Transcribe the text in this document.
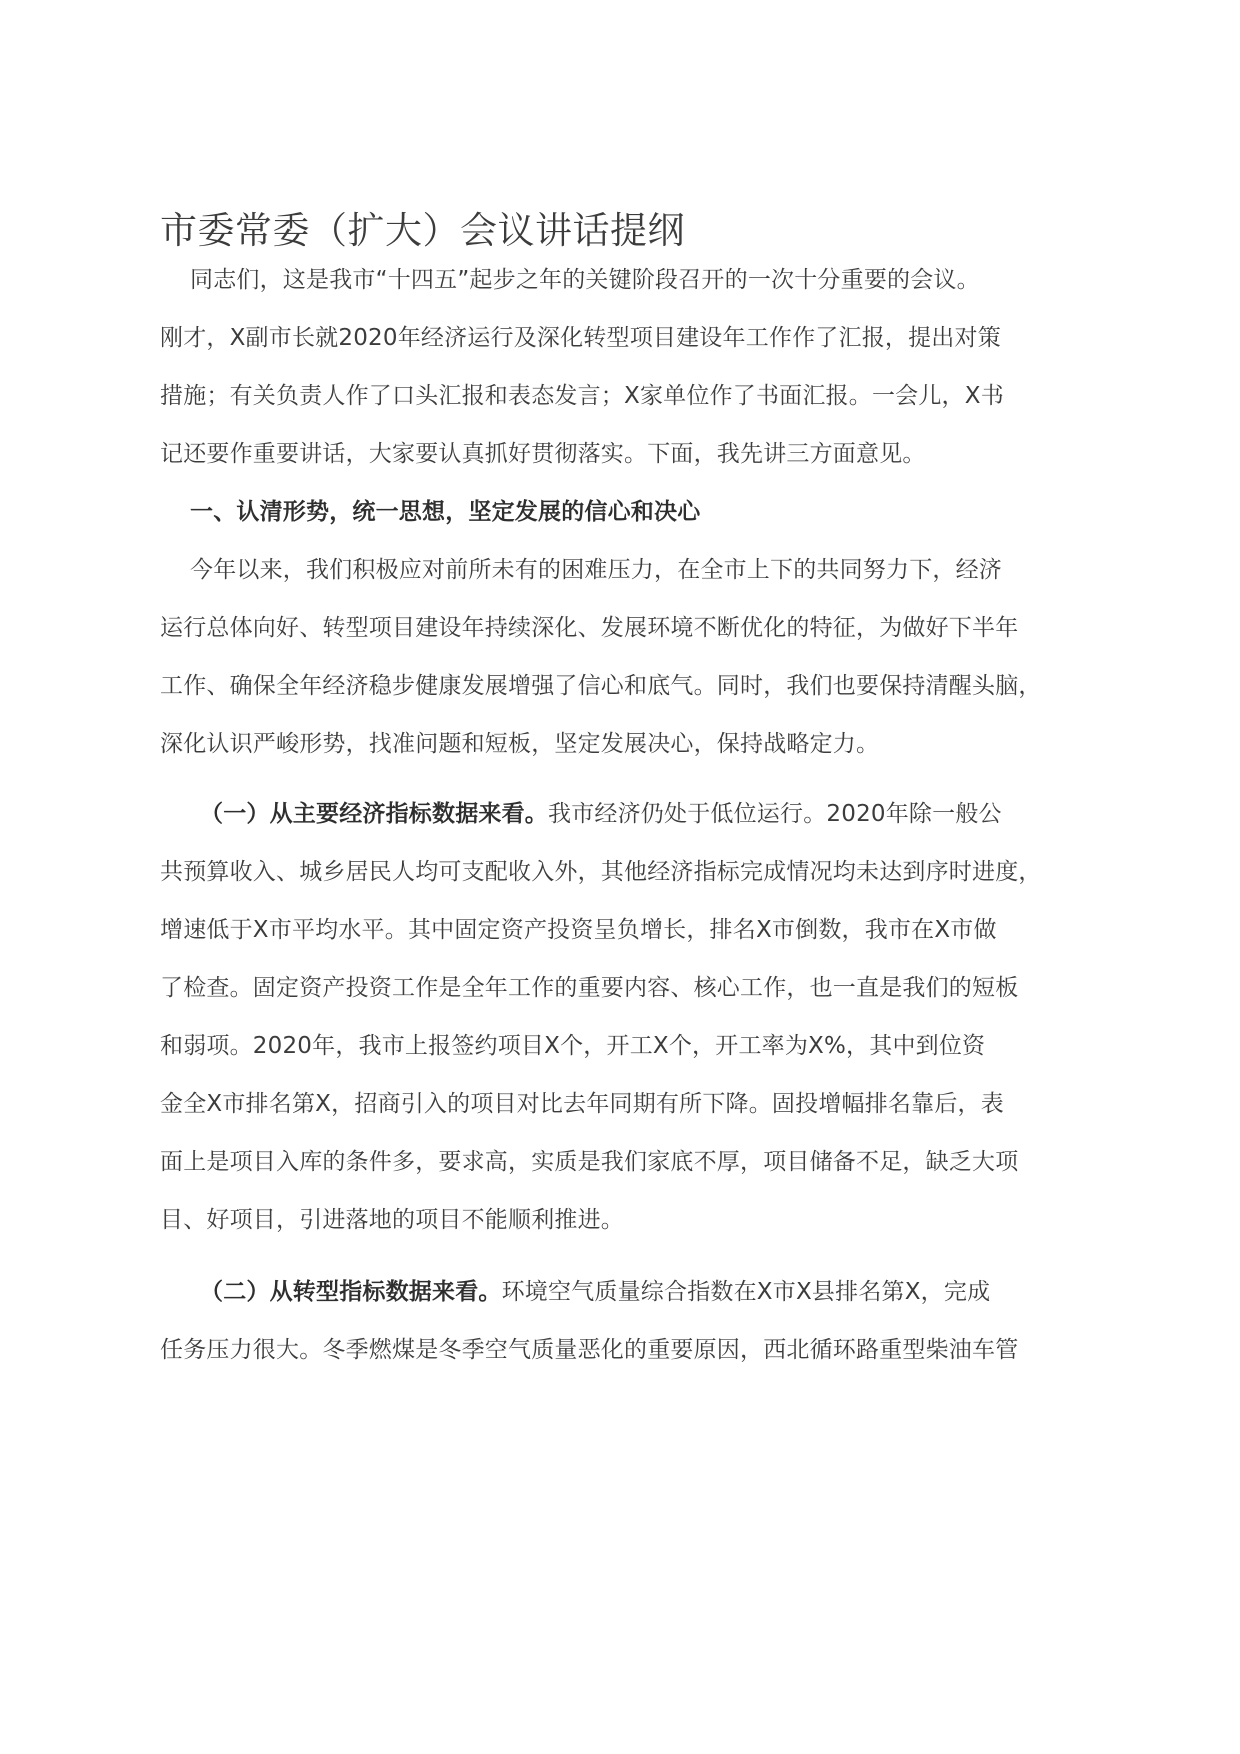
市委常委（扩大）会议讲话提纲
同志们，这是我市“十四五”起步之年的关键阶段召开的一次十分重要的会议。
刚才，X副市长就2020年经济运行及深化转型项目建设年工作作了汇报，提出对策
措施；有关负责人作了口头汇报和表态发言；X家单位作了书面汇报。一会儿，X书
记还要作重要讲话，大家要认真抓好贯彻落实。下面，我先讲三方面意见。
一、认清形势，统一思想，坚定发展的信心和决心
今年以来，我们积极应对前所未有的困难压力，在全市上下的共同努力下，经济
运行总体向好、转型项目建设年持续深化、发展环境不断优化的特征，为做好下半年
工作、确保全年经济稳步健康发展增强了信心和底气。同时，我们也要保持清醒头脑，
深化认识严峻形势，找准问题和短板，坚定发展决心，保持战略定力。
（一）从主要经济指标数据来看。我市经济仍处于低位运行。2020年除一般公
共预算收入、城乡居民人均可支配收入外，其他经济指标完成情况均未达到序时进度，
增速低于X市平均水平。其中固定资产投资呈负增长，排名X市倒数，我市在X市做
了检查。固定资产投资工作是全年工作的重要内容、核心工作，也一直是我们的短板
和弱项。2020年，我市上报签约项目X个，开工X个，开工率为X%，其中到位资
金全X市排名第X，招商引入的项目对比去年同期有所下降。固投增幅排名靠后，表
面上是项目入库的条件多，要求高，实质是我们家底不厚，项目储备不足，缺乏大项
目、好项目，引进落地的项目不能顺利推进。
（二）从转型指标数据来看。环境空气质量综合指数在X市X县排名第X，完成
任务压力很大。冬季燃煤是冬季空气质量恶化的重要原因，西北循环路重型柴油车管
